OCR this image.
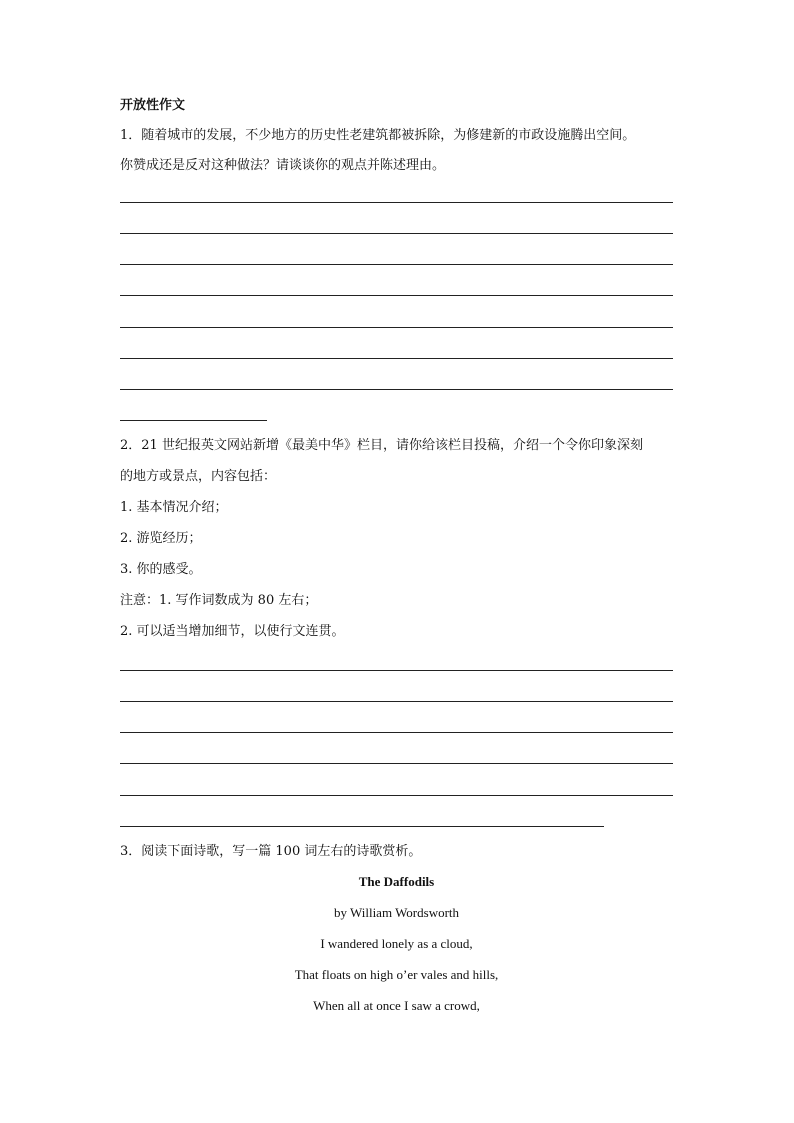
开放性作文
1．随着城市的发展，不少地方的历史性老建筑都被拆除，为修建新的市政设施腾出空间。
你赞成还是反对这种做法？请谈谈你的观点并陈述理由。
2．21 世纪报英文网站新增《最美中华》栏目，请你给该栏目投稿，介绍一个令你印象深刻
的地方或景点，内容包括：
1. 基本情况介绍；
2. 游览经历；
3. 你的感受。
注意：1. 写作词数成为 80 左右；
2. 可以适当增加细节，以使行文连贯。
3．阅读下面诗歌，写一篇 100 词左右的诗歌赏析。
The Daffodils
by William Wordsworth
I wandered lonely as a cloud,
That floats on high o’er vales and hills,
When all at once I saw a crowd,
